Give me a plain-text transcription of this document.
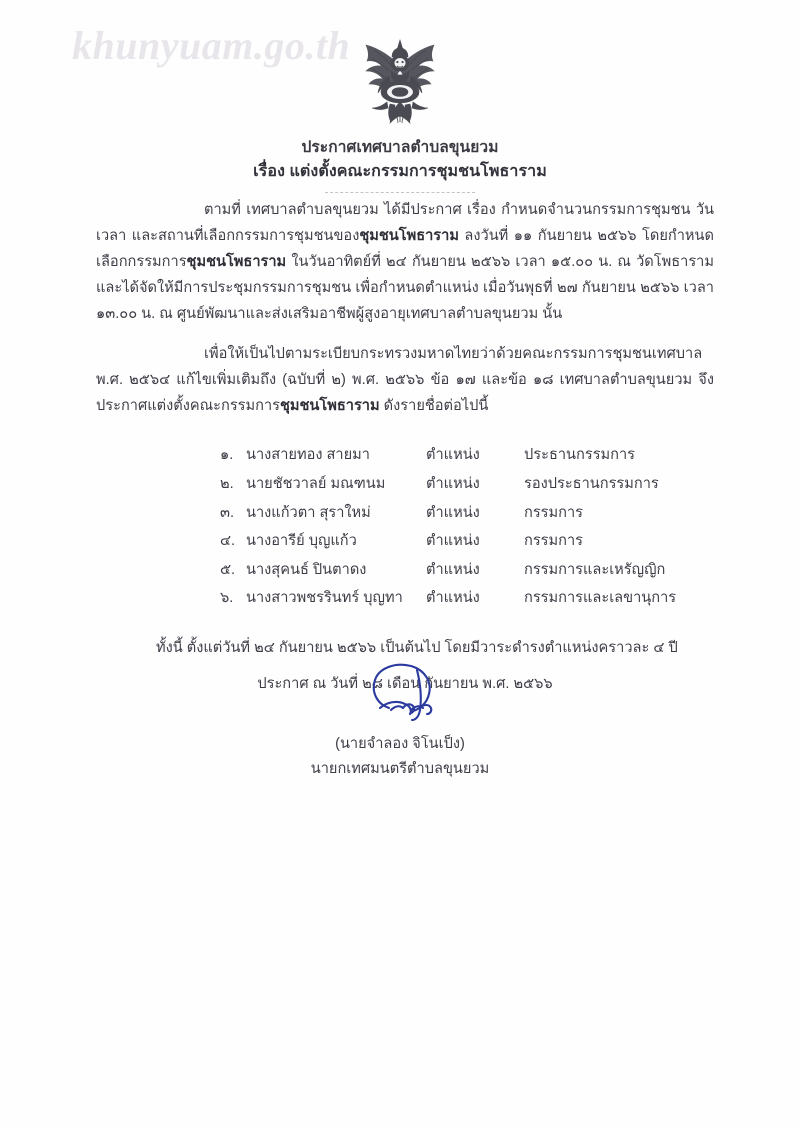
khunyuam.go.th
ประกาศเทศบาลตำบลขุนยวม
เรื่อง แต่งตั้งคณะกรรมการชุมชนโพธาราม

ตามที่ เทศบาลตำบลขุนยวม ได้มีประกาศ เรื่อง กำหนดจำนวนกรรมการชุมชน วัน เวลา และสถานที่เลือกกรรมการชุมชนของชุมชนโพธาราม ลงวันที่ ๑๑ กันยายน ๒๕๖๖ โดยกำหนดเลือกกรรมการชุมชนโพธาราม ในวันอาทิตย์ที่ ๒๔ กันยายน ๒๕๖๖ เวลา ๑๕.๐๐ น. ณ วัดโพธาราม และได้จัดให้มีการประชุมกรรมการชุมชน เพื่อกำหนดตำแหน่ง เมื่อวันพุธที่ ๒๗ กันยายน ๒๕๖๖ เวลา ๑๓.๐๐ น. ณ ศูนย์พัฒนาและส่งเสริมอาชีพผู้สูงอายุเทศบาลตำบลขุนยวม นั้น

เพื่อให้เป็นไปตามระเบียบกระทรวงมหาดไทยว่าด้วยคณะกรรมการชุมชนเทศบาล พ.ศ. ๒๕๖๔ แก้ไขเพิ่มเติมถึง (ฉบับที่ ๒) พ.ศ. ๒๕๖๖ ข้อ ๑๗ และข้อ ๑๘ เทศบาลตำบลขุนยวม จึงประกาศแต่งตั้งคณะกรรมการชุมชนโพธาราม ดังรายชื่อต่อไปนี้

๑.	นางสายทอง สายมา	ตำแหน่ง	ประธานกรรมการ
๒.	นายชัชวาลย์ มณฑนม	ตำแหน่ง	รองประธานกรรมการ
๓.	นางแก้วตา สุราใหม่	ตำแหน่ง	กรรมการ
๔.	นางอารีย์ บุญแก้ว	ตำแหน่ง	กรรมการ
๕.	นางสุคนธ์ ปินตาดง	ตำแหน่ง	กรรมการและเหรัญญิก
๖.	นางสาวพชรรินทร์ บุญทา	ตำแหน่ง	กรรมการและเลขานุการ

ทั้งนี้ ตั้งแต่วันที่ ๒๔ กันยายน ๒๕๖๖ เป็นต้นไป โดยมีวาระดำรงตำแหน่งคราวละ ๔ ปี

ประกาศ ณ วันที่ ๒๘ เดือน กันยายน พ.ศ. ๒๕๖๖

(นายจำลอง จิโนเป็ง)
นายกเทศมนตรีตำบลขุนยวม
